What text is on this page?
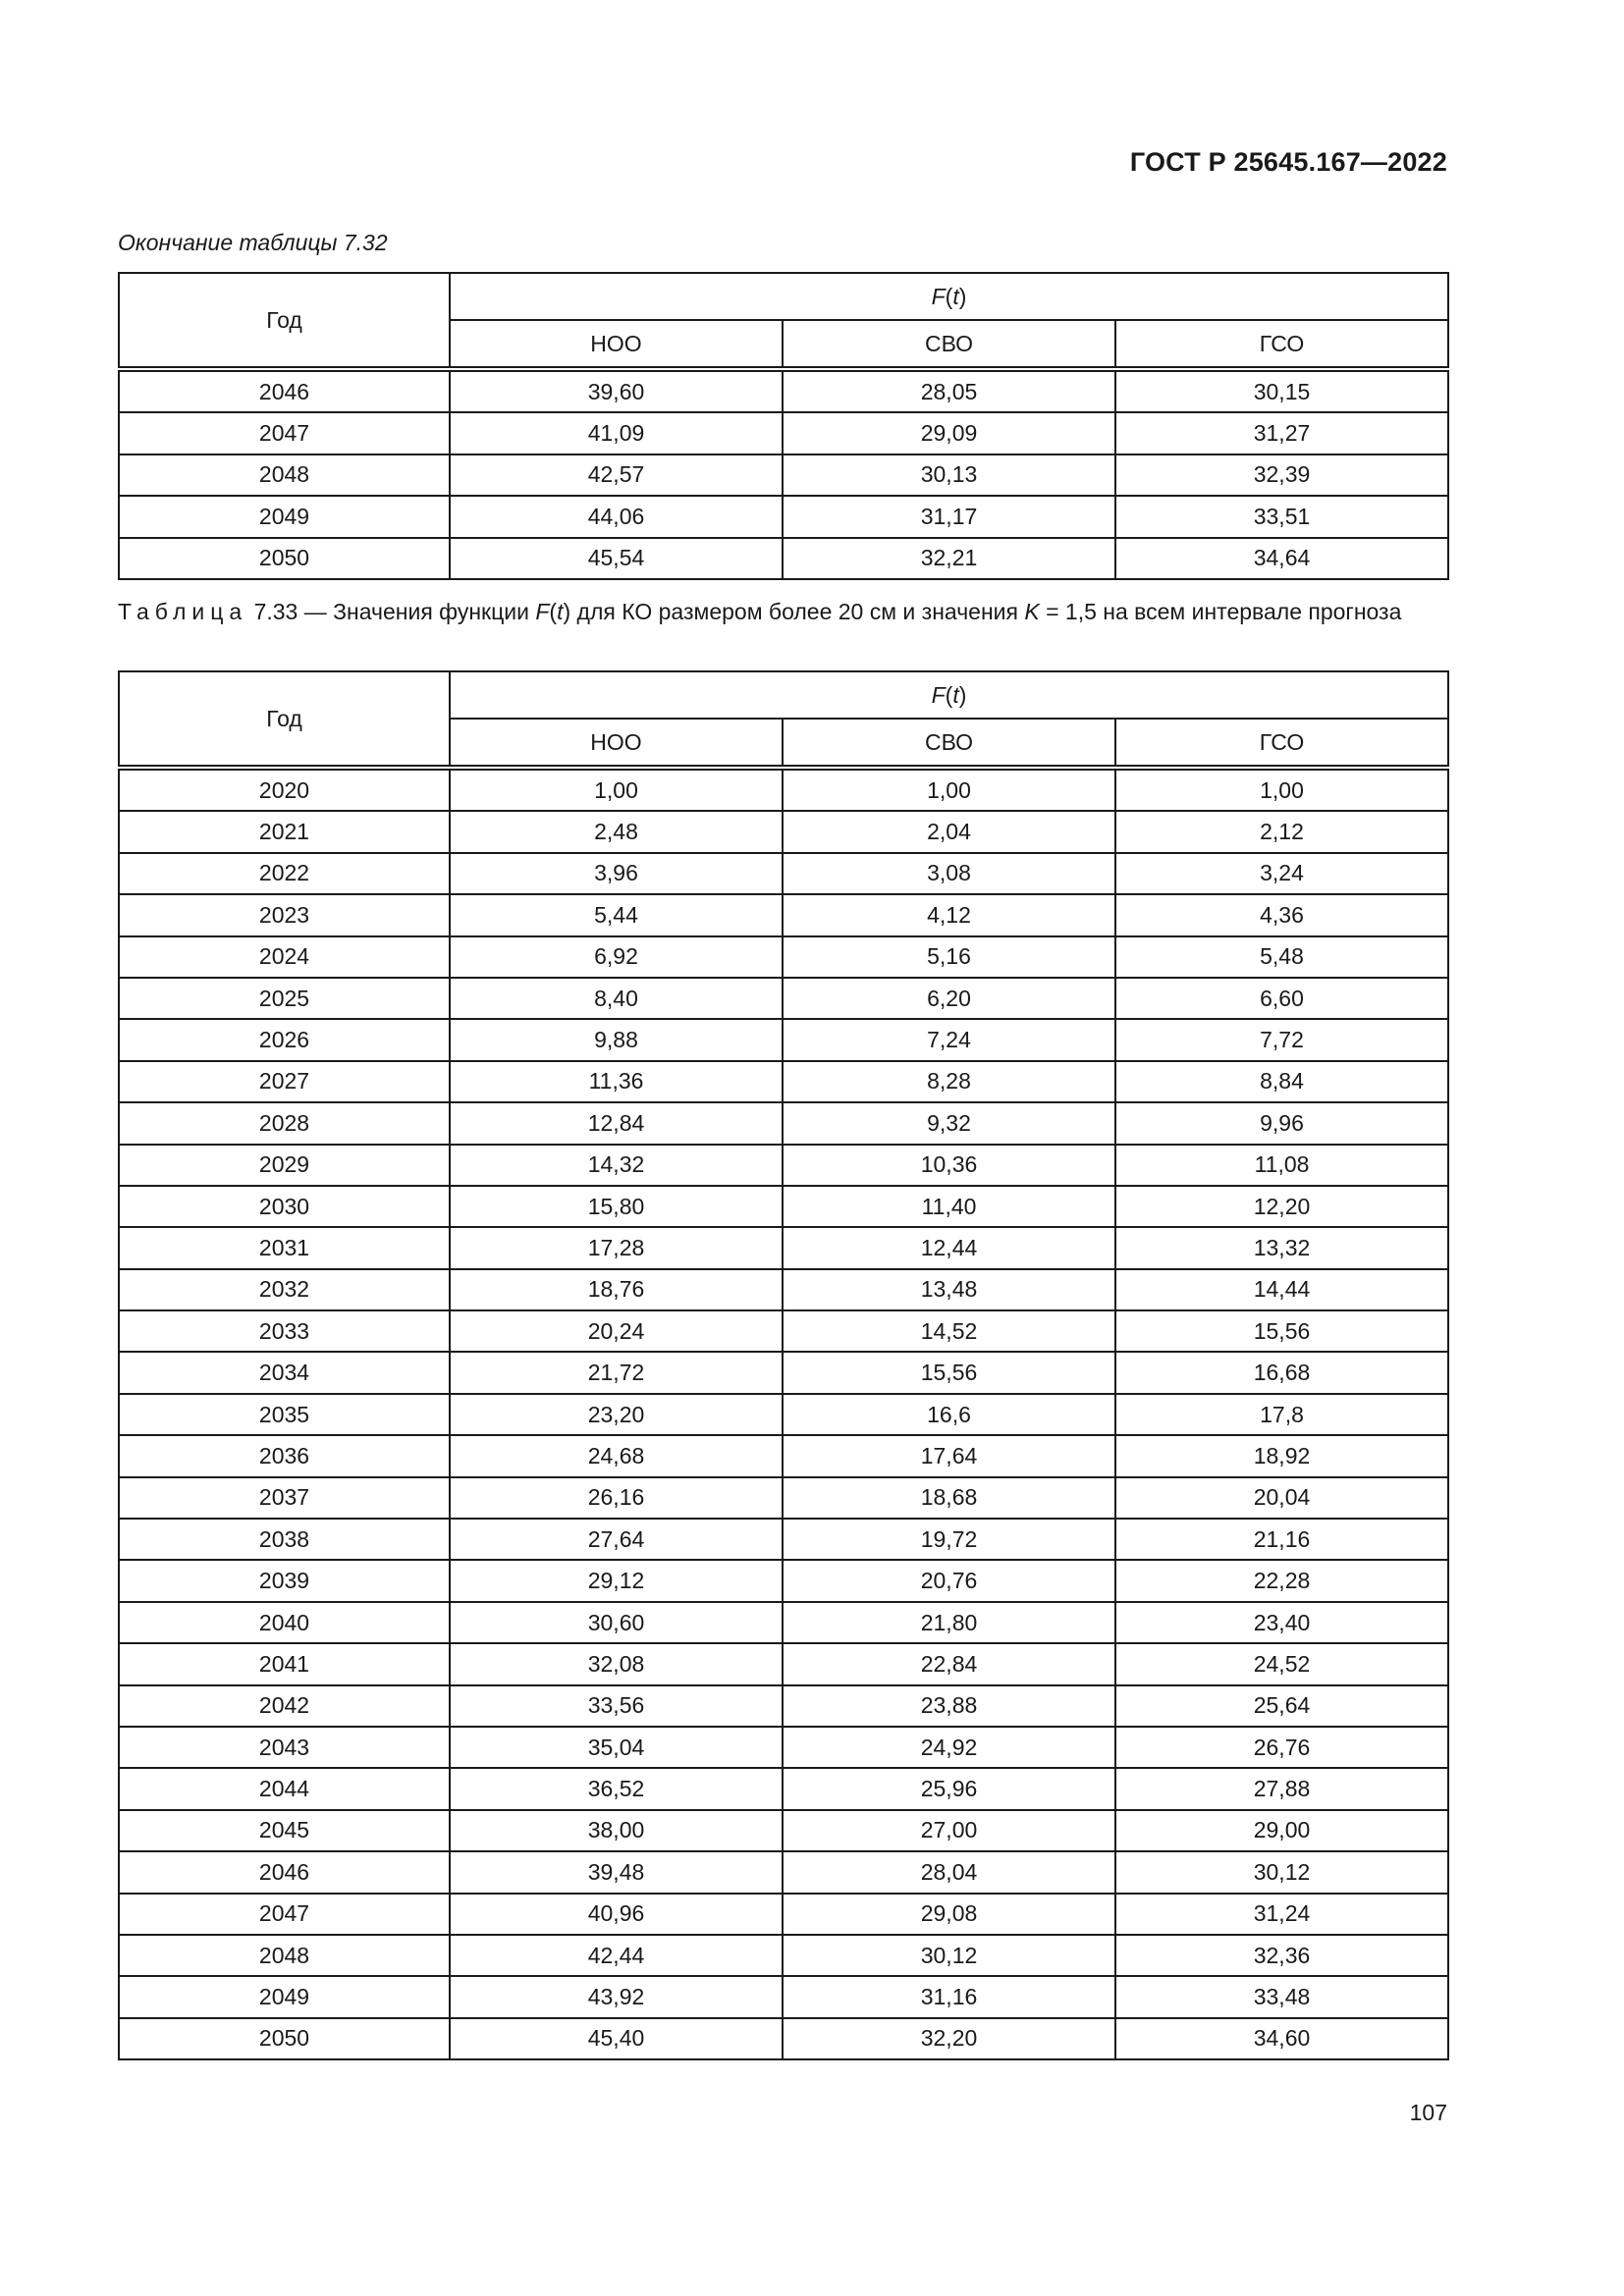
ГОСТ Р 25645.167—2022
Окончание таблицы 7.32
Год	F(t)		
	НОО	СВО	ГСО
2046	39,60	28,05	30,15
2047	41,09	29,09	31,27
2048	42,57	30,13	32,39
2049	44,06	31,17	33,51
2050	45,54	32,21	34,64
Таблица 7.33 — Значения функции F(t) для КО размером более 20 см и значения K = 1,5 на всем интервале прогноза
Год	F(t)		
	НОО	СВО	ГСО
2020	1,00	1,00	1,00
2021	2,48	2,04	2,12
2022	3,96	3,08	3,24
2023	5,44	4,12	4,36
2024	6,92	5,16	5,48
2025	8,40	6,20	6,60
2026	9,88	7,24	7,72
2027	11,36	8,28	8,84
2028	12,84	9,32	9,96
2029	14,32	10,36	11,08
2030	15,80	11,40	12,20
2031	17,28	12,44	13,32
2032	18,76	13,48	14,44
2033	20,24	14,52	15,56
2034	21,72	15,56	16,68
2035	23,20	16,6	17,8
2036	24,68	17,64	18,92
2037	26,16	18,68	20,04
2038	27,64	19,72	21,16
2039	29,12	20,76	22,28
2040	30,60	21,80	23,40
2041	32,08	22,84	24,52
2042	33,56	23,88	25,64
2043	35,04	24,92	26,76
2044	36,52	25,96	27,88
2045	38,00	27,00	29,00
2046	39,48	28,04	30,12
2047	40,96	29,08	31,24
2048	42,44	30,12	32,36
2049	43,92	31,16	33,48
2050	45,40	32,20	34,60
107
